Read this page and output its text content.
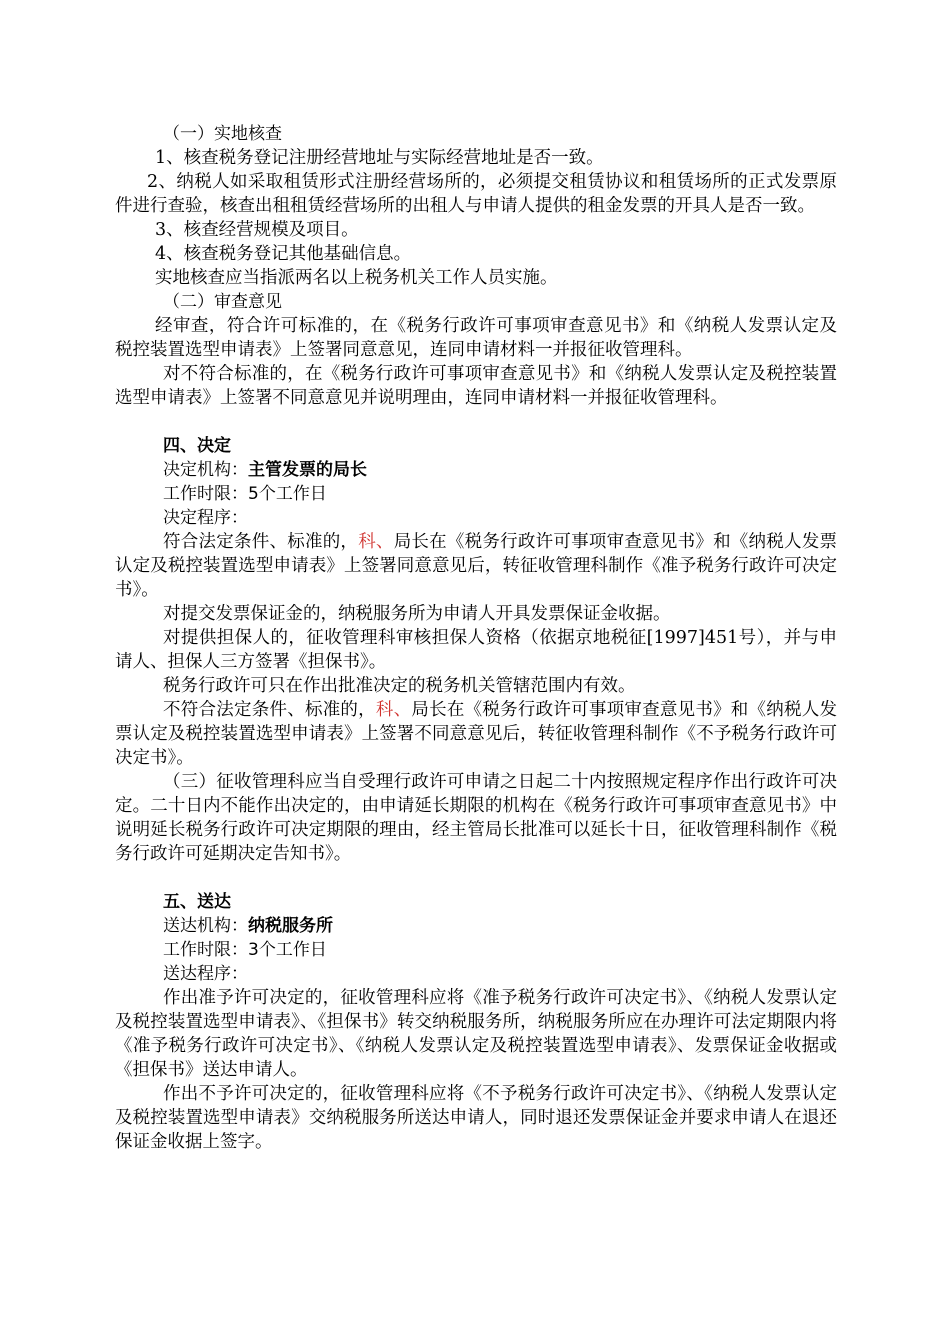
（一）实地核查

1、核查税务登记注册经营地址与实际经营地址是否一致。

2、纳税人如采取租赁形式注册经营场所的，必须提交租赁协议和租赁场所的正式发票原件进行查验，核查出租租赁经营场所的出租人与申请人提供的租金发票的开具人是否一致。

3、核查经营规模及项目。

4、核查税务登记其他基础信息。

实地核查应当指派两名以上税务机关工作人员实施。

（二）审查意见

经审查，符合许可标准的，在《税务行政许可事项审查意见书》和《纳税人发票认定及税控装置选型申请表》上签署同意意见，连同申请材料一并报征收管理科。

对不符合标准的，在《税务行政许可事项审查意见书》和《纳税人发票认定及税控装置选型申请表》上签署不同意意见并说明理由，连同申请材料一并报征收管理科。

四、决定

决定机构：主管发票的局长

工作时限：5个工作日

决定程序：

符合法定条件、标准的，科、局长在《税务行政许可事项审查意见书》和《纳税人发票认定及税控装置选型申请表》上签署同意意见后，转征收管理科制作《准予税务行政许可决定书》。

对提交发票保证金的，纳税服务所为申请人开具发票保证金收据。

对提供担保人的，征收管理科审核担保人资格（依据京地税征[1997]451号），并与申请人、担保人三方签署《担保书》。

税务行政许可只在作出批准决定的税务机关管辖范围内有效。

不符合法定条件、标准的，科、局长在《税务行政许可事项审查意见书》和《纳税人发票认定及税控装置选型申请表》上签署不同意意见后，转征收管理科制作《不予税务行政许可决定书》。

（三）征收管理科应当自受理行政许可申请之日起二十内按照规定程序作出行政许可决定。二十日内不能作出决定的，由申请延长期限的机构在《税务行政许可事项审查意见书》中说明延长税务行政许可决定期限的理由，经主管局长批准可以延长十日，征收管理科制作《税务行政许可延期决定告知书》。

五、送达

送达机构：纳税服务所

工作时限：3个工作日

送达程序：

作出准予许可决定的，征收管理科应将《准予税务行政许可决定书》、《纳税人发票认定及税控装置选型申请表》、《担保书》转交纳税服务所，纳税服务所应在办理许可法定期限内将《准予税务行政许可决定书》、《纳税人发票认定及税控装置选型申请表》、发票保证金收据或《担保书》送达申请人。

作出不予许可决定的，征收管理科应将《不予税务行政许可决定书》、《纳税人发票认定及税控装置选型申请表》交纳税服务所送达申请人，同时退还发票保证金并要求申请人在退还保证金收据上签字。
